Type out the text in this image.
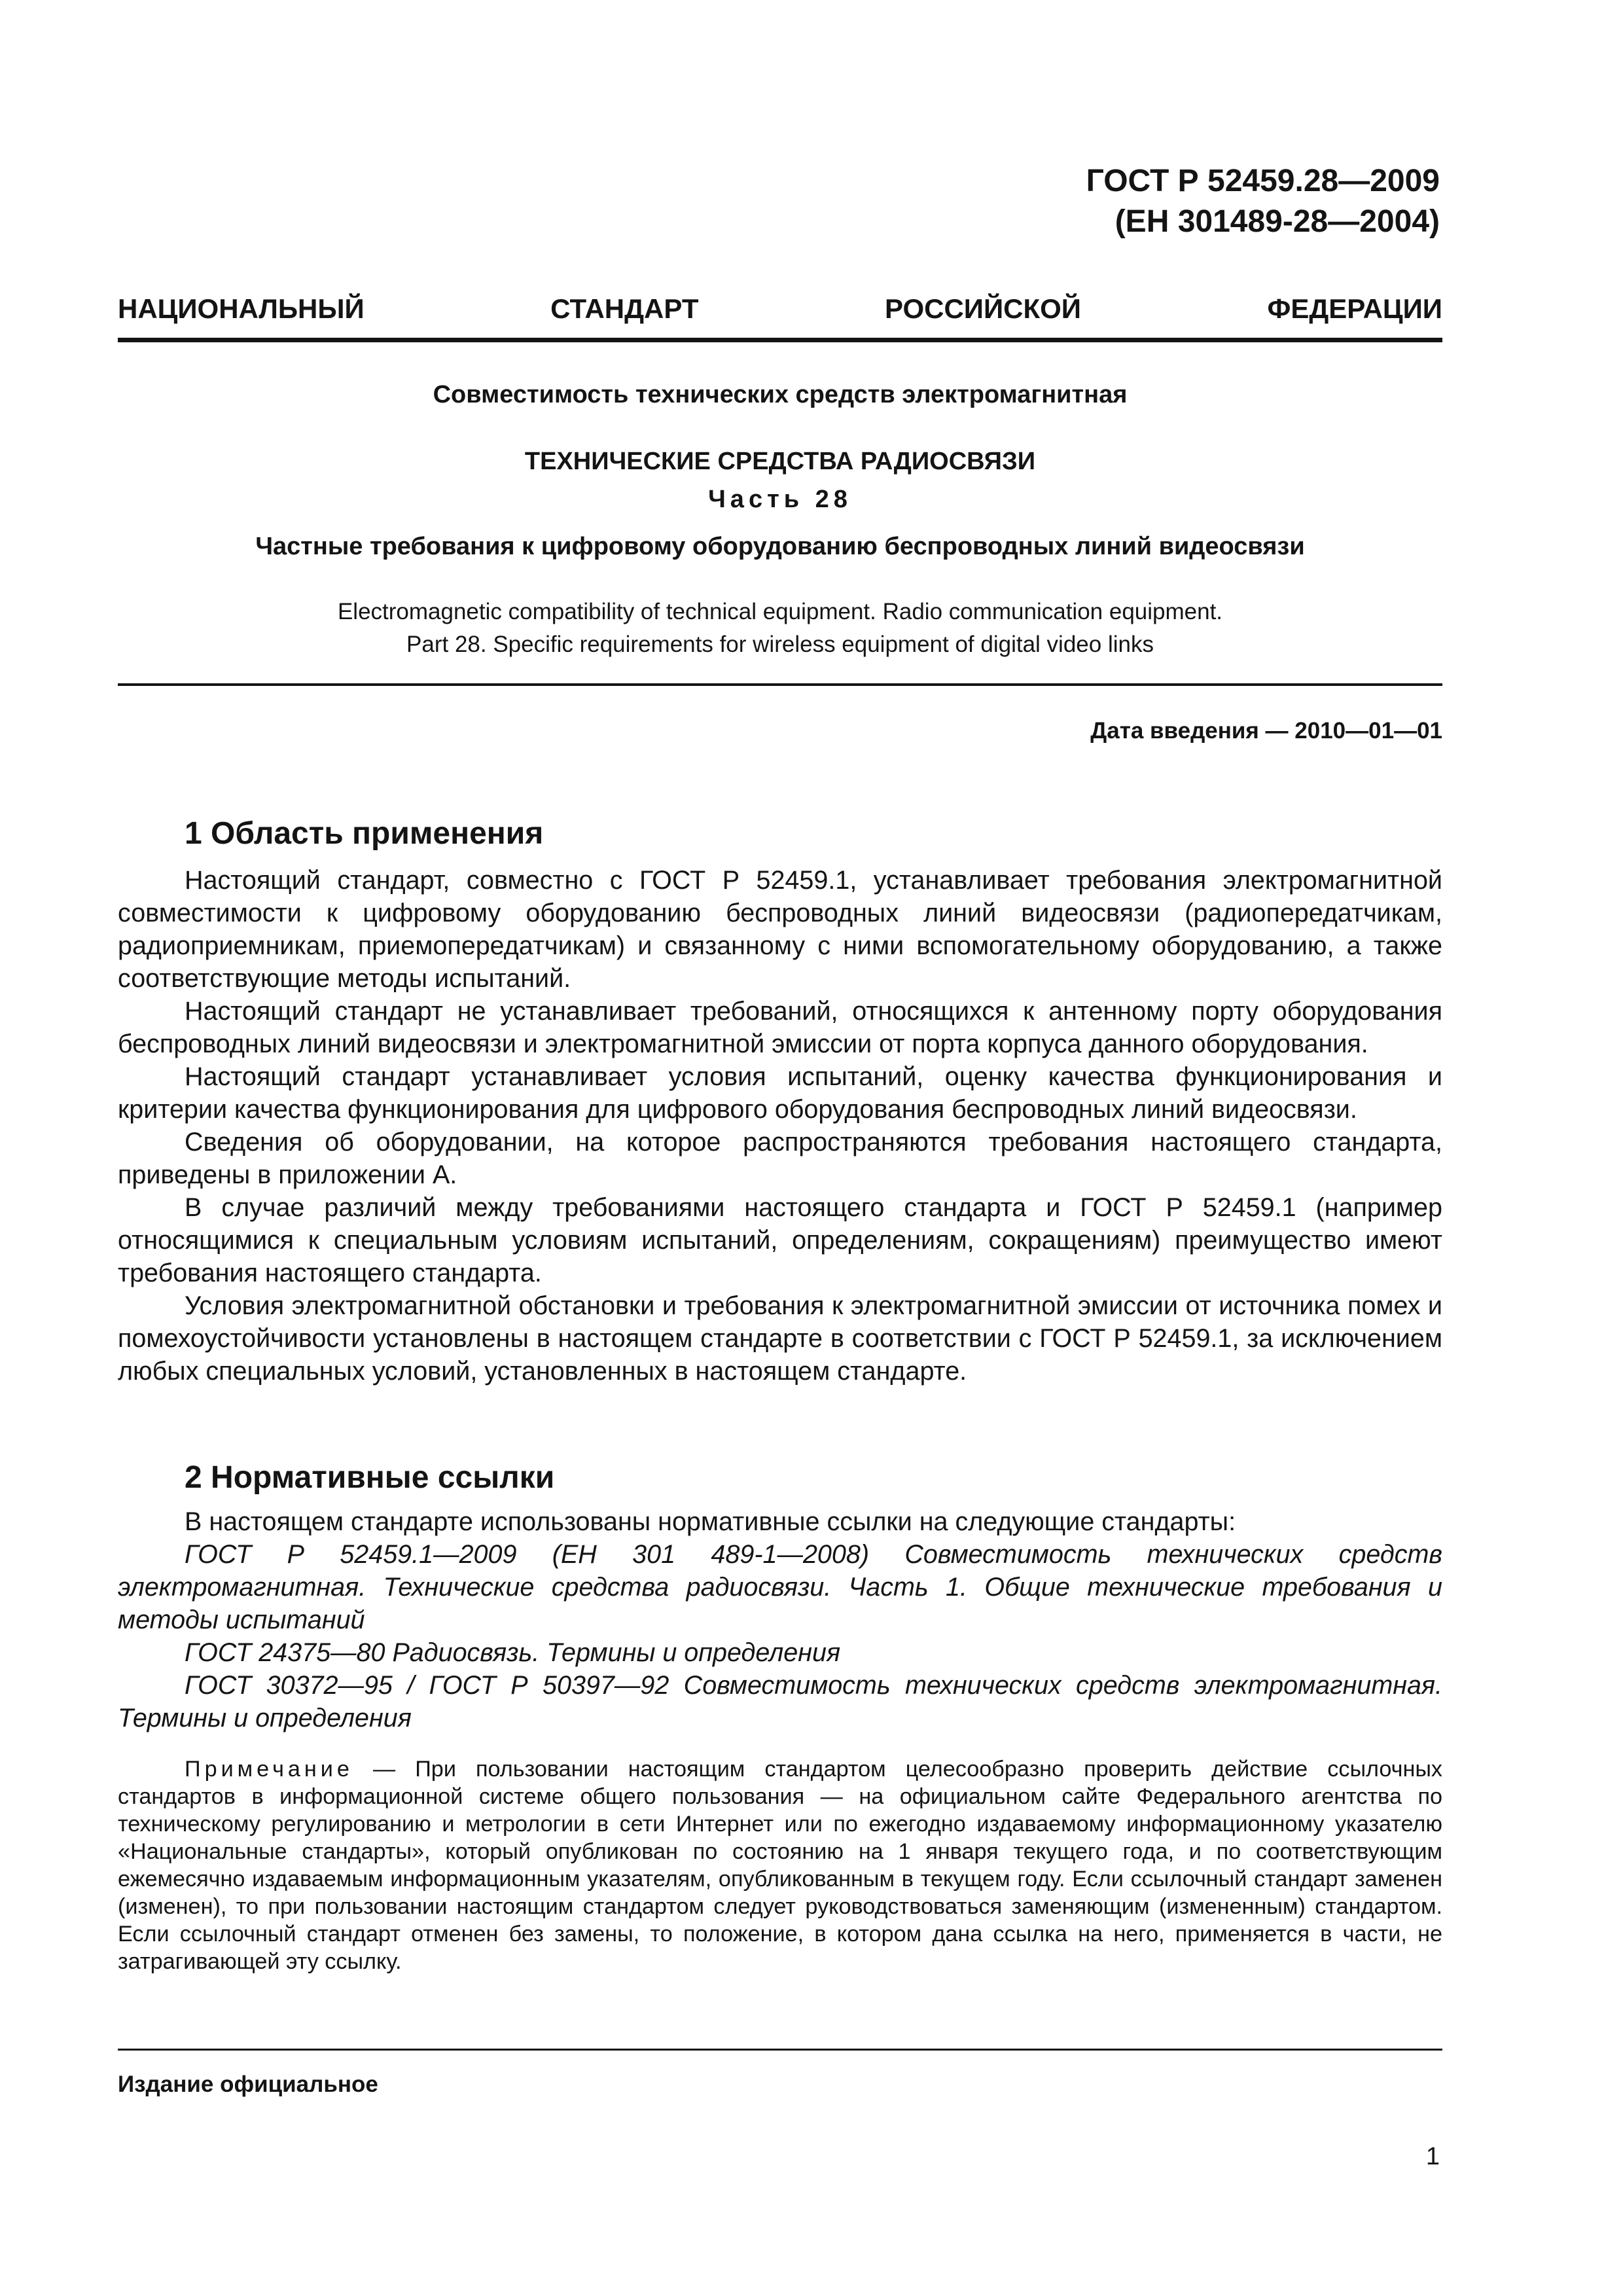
ГОСТ Р 52459.28—2009
(ЕН 301489-28—2004)
НАЦИОНАЛЬНЫЙ СТАНДАРТ РОССИЙСКОЙ ФЕДЕРАЦИИ
Совместимость технических средств электромагнитная
ТЕХНИЧЕСКИЕ СРЕДСТВА РАДИОСВЯЗИ
Часть 28
Частные требования к цифровому оборудованию беспроводных линий видеосвязи
Electromagnetic compatibility of technical equipment. Radio communication equipment.
Part 28. Specific requirements for wireless equipment of digital video links
Дата введения — 2010—01—01
1 Область применения

Настоящий стандарт, совместно с ГОСТ Р 52459.1, устанавливает требования электромагнитной совместимости к цифровому оборудованию беспроводных линий видеосвязи (радиопередатчикам, радиоприемникам, приемопередатчикам) и связанному с ними вспомогательному оборудованию, а также соответствующие методы испытаний.

Настоящий стандарт не устанавливает требований, относящихся к антенному порту оборудования беспроводных линий видеосвязи и электромагнитной эмиссии от порта корпуса данного оборудования.

Настоящий стандарт устанавливает условия испытаний, оценку качества функционирования и критерии качества функционирования для цифрового оборудования беспроводных линий видеосвязи.

Сведения об оборудовании, на которое распространяются требования настоящего стандарта, приведены в приложении А.

В случае различий между требованиями настоящего стандарта и ГОСТ Р 52459.1 (например относящимися к специальным условиям испытаний, определениям, сокращениям) преимущество имеют требования настоящего стандарта.

Условия электромагнитной обстановки и требования к электромагнитной эмиссии от источника помех и помехоустойчивости установлены в настоящем стандарте в соответствии с ГОСТ Р 52459.1, за исключением любых специальных условий, установленных в настоящем стандарте.

2 Нормативные ссылки

В настоящем стандарте использованы нормативные ссылки на следующие стандарты:

ГОСТ Р 52459.1—2009 (ЕН 301 489-1—2008) Совместимость технических средств электромагнитная. Технические средства радиосвязи. Часть 1. Общие технические требования и методы испытаний

ГОСТ 24375—80 Радиосвязь. Термины и определения

ГОСТ 30372—95 / ГОСТ Р 50397—92 Совместимость технических средств электромагнитная. Термины и определения

Примечание — При пользовании настоящим стандартом целесообразно проверить действие ссылочных стандартов в информационной системе общего пользования — на официальном сайте Федерального агентства по техническому регулированию и метрологии в сети Интернет или по ежегодно издаваемому информационному указателю «Национальные стандарты», который опубликован по состоянию на 1 января текущего года, и по соответствующим ежемесячно издаваемым информационным указателям, опубликованным в текущем году. Если ссылочный стандарт заменен (изменен), то при пользовании настоящим стандартом следует руководствоваться заменяющим (измененным) стандартом. Если ссылочный стандарт отменен без замены, то положение, в котором дана ссылка на него, применяется в части, не затрагивающей эту ссылку.
Издание официальное
1
